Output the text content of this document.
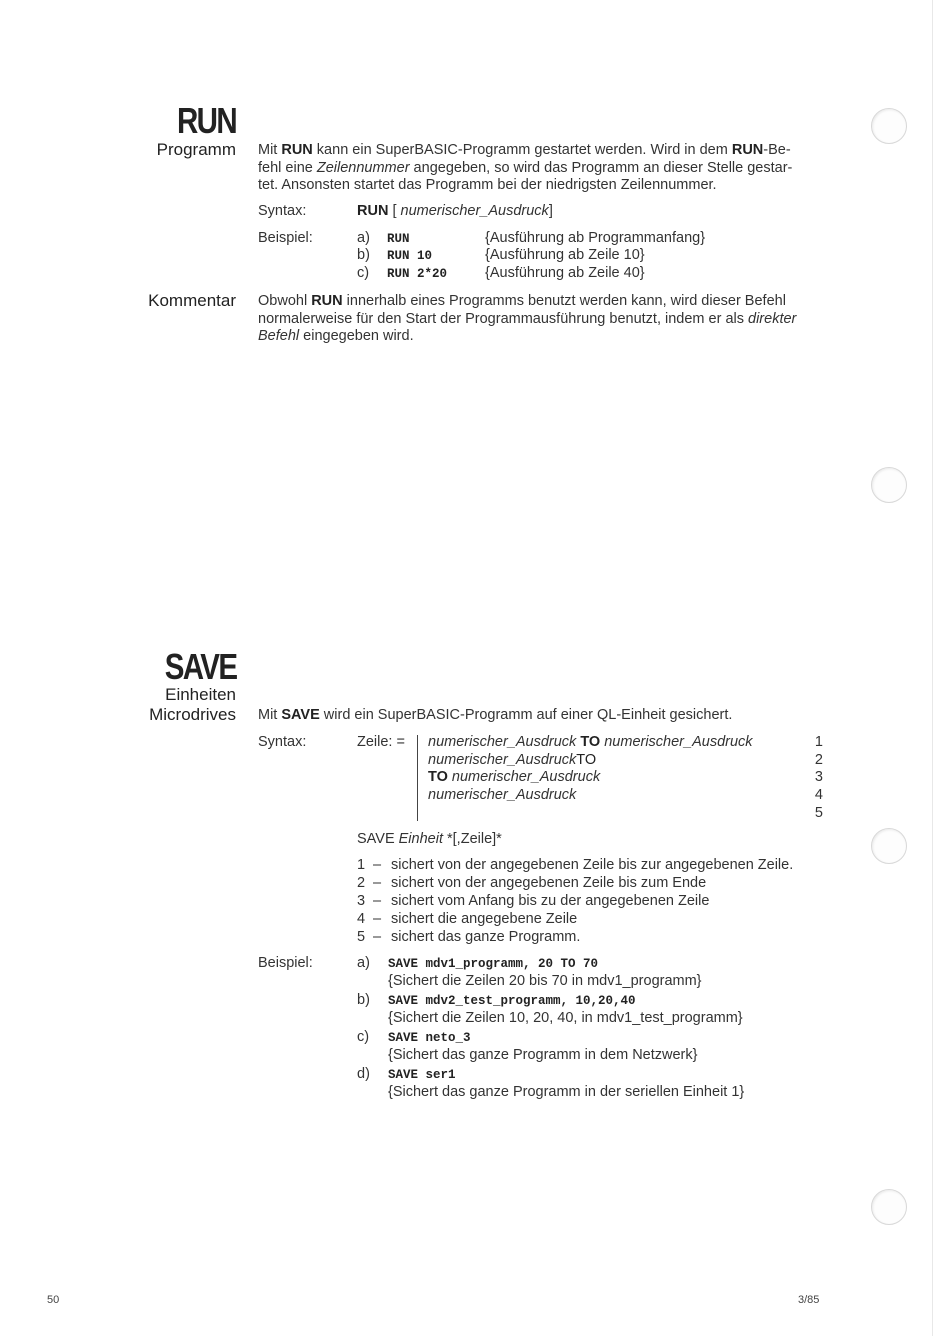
RUN
Programm Mit RUN kann ein SuperBASIC-Programm gestartet werden. Wird in dem RUN-Be-
fehl eine Zeilennummer angegeben, so wird das Programm an dieser Stelle gestar-
tet. Ansonsten startet das Programm bei der niedrigsten Zeilennummer.
Syntax:	RUN [ numerischer_Ausdruck]
Beispiel:	a) RUN	{Ausführung ab Programmanfang}
b) RUN 10	{Ausführung ab Zeile 10}
c) RUN 2*20	{Ausführung ab Zeile 40}
Kommentar Obwohl RUN innerhalb eines Programms benutzt werden kann, wird dieser Befehl
normalerweise für den Start der Programmausführung benutzt, indem er als direkter
Befehl eingegeben wird.
SAVE
Einheiten
Microdrives Mit SAVE wird ein SuperBASIC-Programm auf einer QL-Einheit gesichert.
Syntax:	Zeile: = numerischer_Ausdruck TO numerischer_Ausdruck	1
numerischer_AusdruckTO	2
TO numerischer_Ausdruck	3
numerischer_Ausdruck	4
5
SAVE Einheit *[,Zeile]*
1 – sichert von der angegebenen Zeile bis zur angegebenen Zeile.
2 – sichert von der angegebenen Zeile bis zum Ende
3 – sichert vom Anfang bis zu der angegebenen Zeile
4 – sichert die angegebene Zeile
5 – sichert das ganze Programm.
Beispiel:	a) SAVE mdv1_programm, 20 TO 70
{Sichert die Zeilen 20 bis 70 in mdv1_programm}
b) SAVE mdv2_test_programm, 10,20,40
{Sichert die Zeilen 10, 20, 40, in mdv1_test_programm}
c) SAVE neto_3
{Sichert das ganze Programm in dem Netzwerk}
d) SAVE ser1
{Sichert das ganze Programm in der seriellen Einheit 1}
50	3/85
